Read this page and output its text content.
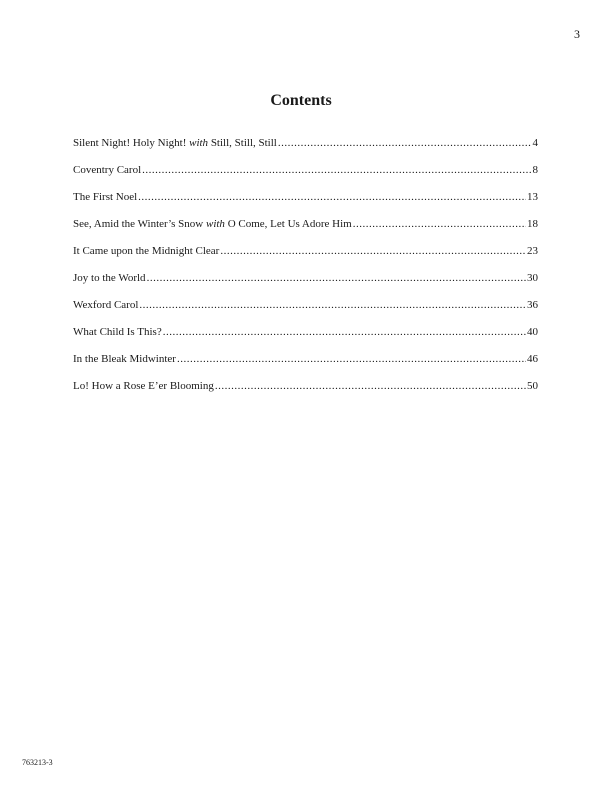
3
Contents
Silent Night! Holy Night! with Still, Still, Still .....	4
Coventry Carol .....	8
The First Noel .....	13
See, Amid the Winter’s Snow with O Come, Let Us Adore Him .....	18
It Came upon the Midnight Clear .....	23
Joy to the World .....	30
Wexford Carol .....	36
What Child Is This? .....	40
In the Bleak Midwinter .....	46
Lo! How a Rose E’er Blooming .....	50
763213-3
